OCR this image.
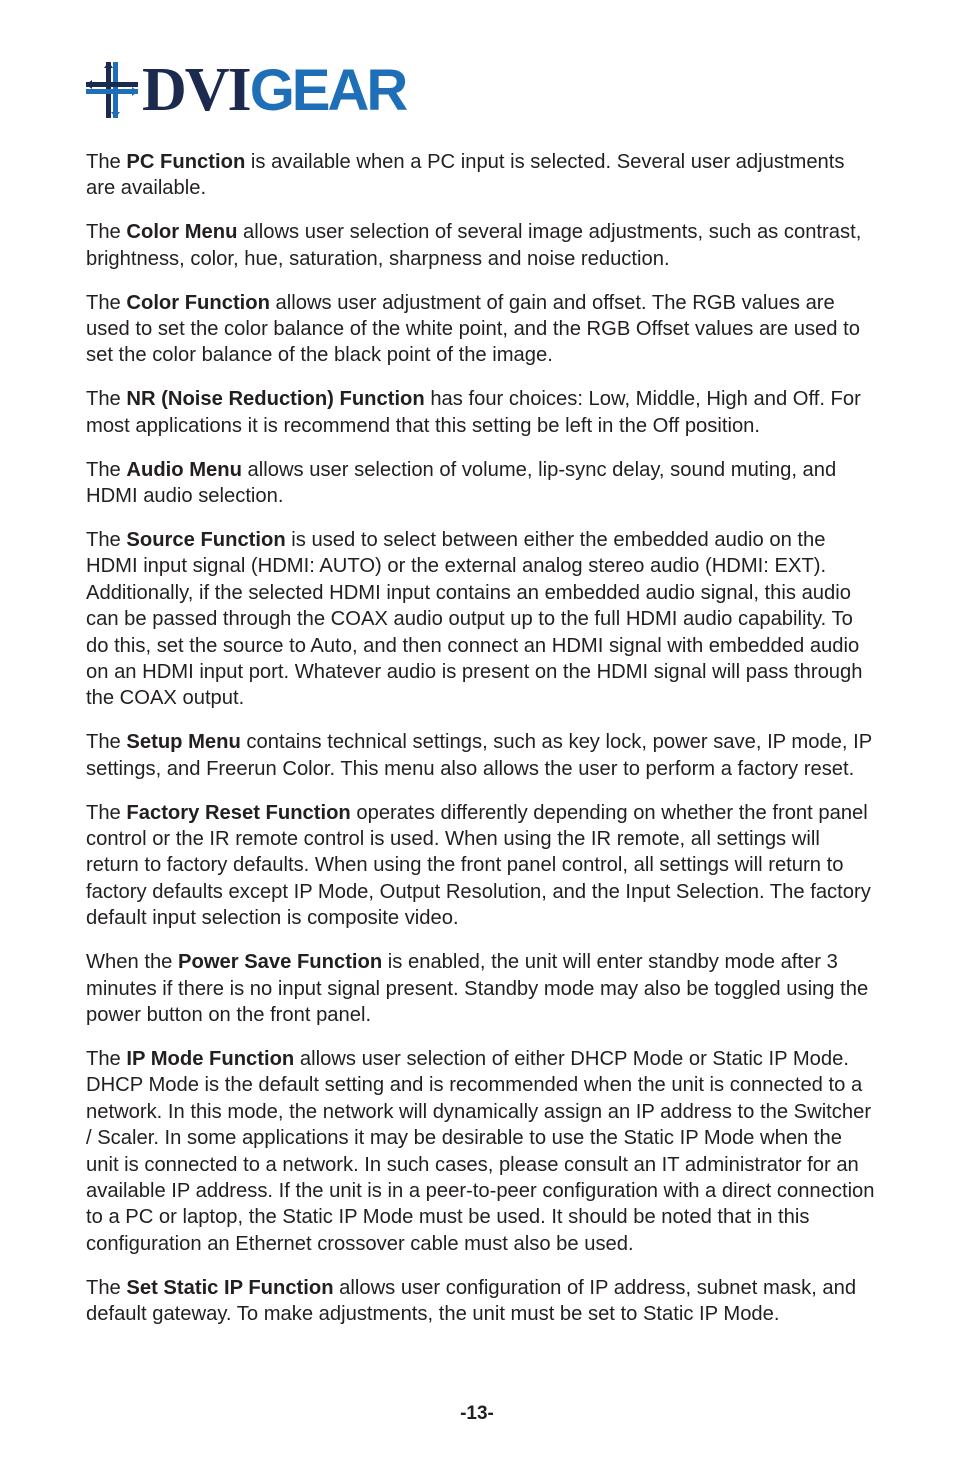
DVIGEAR

The PC Function is available when a PC input is selected. Several user adjustments are available.

The Color Menu allows user selection of several image adjustments, such as contrast, brightness, color, hue, saturation, sharpness and noise reduction.

The Color Function allows user adjustment of gain and offset. The RGB values are used to set the color balance of the white point, and the RGB Offset values are used to set the color balance of the black point of the image.

The NR (Noise Reduction) Function has four choices: Low, Middle, High and Off. For most applications it is recommend that this setting be left in the Off position.

The Audio Menu allows user selection of volume, lip-sync delay, sound muting, and HDMI audio selection.

The Source Function is used to select between either the embedded audio on the HDMI input signal (HDMI: AUTO) or the external analog stereo audio (HDMI: EXT). Additionally, if the selected HDMI input contains an embedded audio signal, this audio can be passed through the COAX audio output up to the full HDMI audio capability. To do this, set the source to Auto, and then connect an HDMI signal with embedded audio on an HDMI input port. Whatever audio is present on the HDMI signal will pass through the COAX output.

The Setup Menu contains technical settings, such as key lock, power save, IP mode, IP settings, and Freerun Color. This menu also allows the user to perform a factory reset.

The Factory Reset Function operates differently depending on whether the front panel control or the IR remote control is used. When using the IR remote, all settings will return to factory defaults. When using the front panel control, all settings will return to factory defaults except IP Mode, Output Resolution, and the Input Selection. The factory default input selection is composite video.

When the Power Save Function is enabled, the unit will enter standby mode after 3 minutes if there is no input signal present. Standby mode may also be toggled using the power button on the front panel.

The IP Mode Function allows user selection of either DHCP Mode or Static IP Mode. DHCP Mode is the default setting and is recommended when the unit is connected to a network. In this mode, the network will dynamically assign an IP address to the Switcher / Scaler. In some applications it may be desirable to use the Static IP Mode when the unit is connected to a network. In such cases, please consult an IT administrator for an available IP address. If the unit is in a peer-to-peer configuration with a direct connection to a PC or laptop, the Static IP Mode must be used. It should be noted that in this configuration an Ethernet crossover cable must also be used.

The Set Static IP Function allows user configuration of IP address, subnet mask, and default gateway. To make adjustments, the unit must be set to Static IP Mode.

-13-
